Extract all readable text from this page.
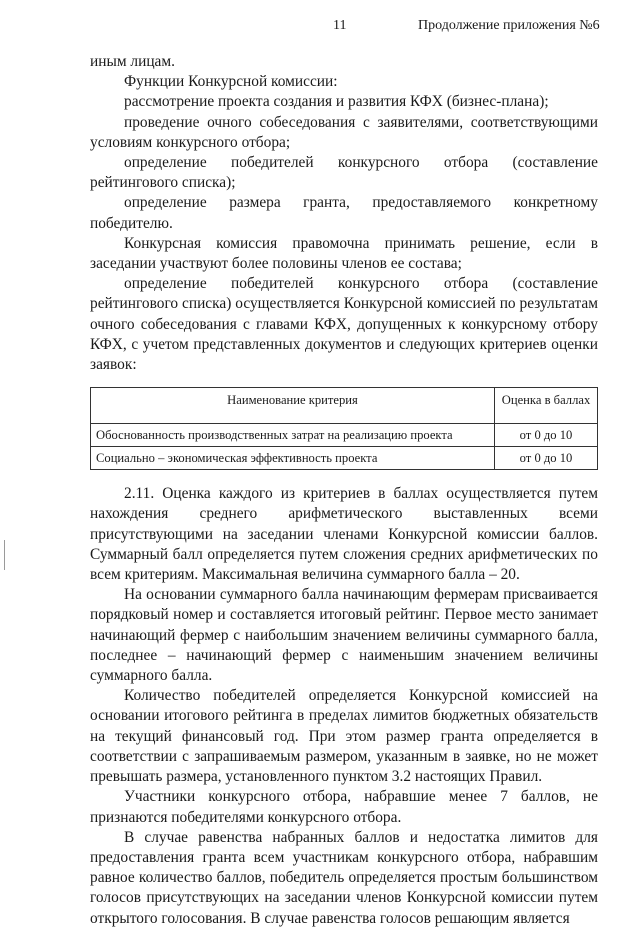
11	Продолжение приложения №6

иным лицам.

Функции Конкурсной комиссии:

рассмотрение проекта создания и развития КФХ (бизнес-плана);

проведение очного собеседования с заявителями, соответствующими условиям конкурсного отбора;

определение победителей конкурсного отбора (составление рейтингового списка);

определение размера гранта, предоставляемого конкретному победителю.

Конкурсная комиссия правомочна принимать решение, если в заседании участвуют более половины членов ее состава;

определение победителей конкурсного отбора (составление рейтингового списка) осуществляется Конкурсной комиссией по результатам очного собеседования с главами КФХ, допущенных к конкурсному отбору КФХ, с учетом представленных документов и следующих критериев оценки заявок:

Наименование критерия	Оценка в баллах
Обоснованность производственных затрат на реализацию проекта	от 0 до 10
Социально – экономическая эффективность проекта	от 0 до 10

2.11. Оценка каждого из критериев в баллах осуществляется путем нахождения среднего арифметического выставленных всеми присутствующими на заседании членами Конкурсной комиссии баллов. Суммарный балл определяется путем сложения средних арифметических по всем критериям. Максимальная величина суммарного балла – 20.

На основании суммарного балла начинающим фермерам присваивается порядковый номер и составляется итоговый рейтинг. Первое место занимает начинающий фермер с наибольшим значением величины суммарного балла, последнее – начинающий фермер с наименьшим значением величины суммарного балла.

Количество победителей определяется Конкурсной комиссией на основании итогового рейтинга в пределах лимитов бюджетных обязательств на текущий финансовый год. При этом размер гранта определяется в соответствии с запрашиваемым размером, указанным в заявке, но не может превышать размера, установленного пунктом 3.2 настоящих Правил.

Участники конкурсного отбора, набравшие менее 7 баллов, не признаются победителями конкурсного отбора.

В случае равенства набранных баллов и недостатка лимитов для предоставления гранта всем участникам конкурсного отбора, набравшим равное количество баллов, победитель определяется простым большинством голосов присутствующих на заседании членов Конкурсной комиссии путем открытого голосования. В случае равенства голосов решающим является
